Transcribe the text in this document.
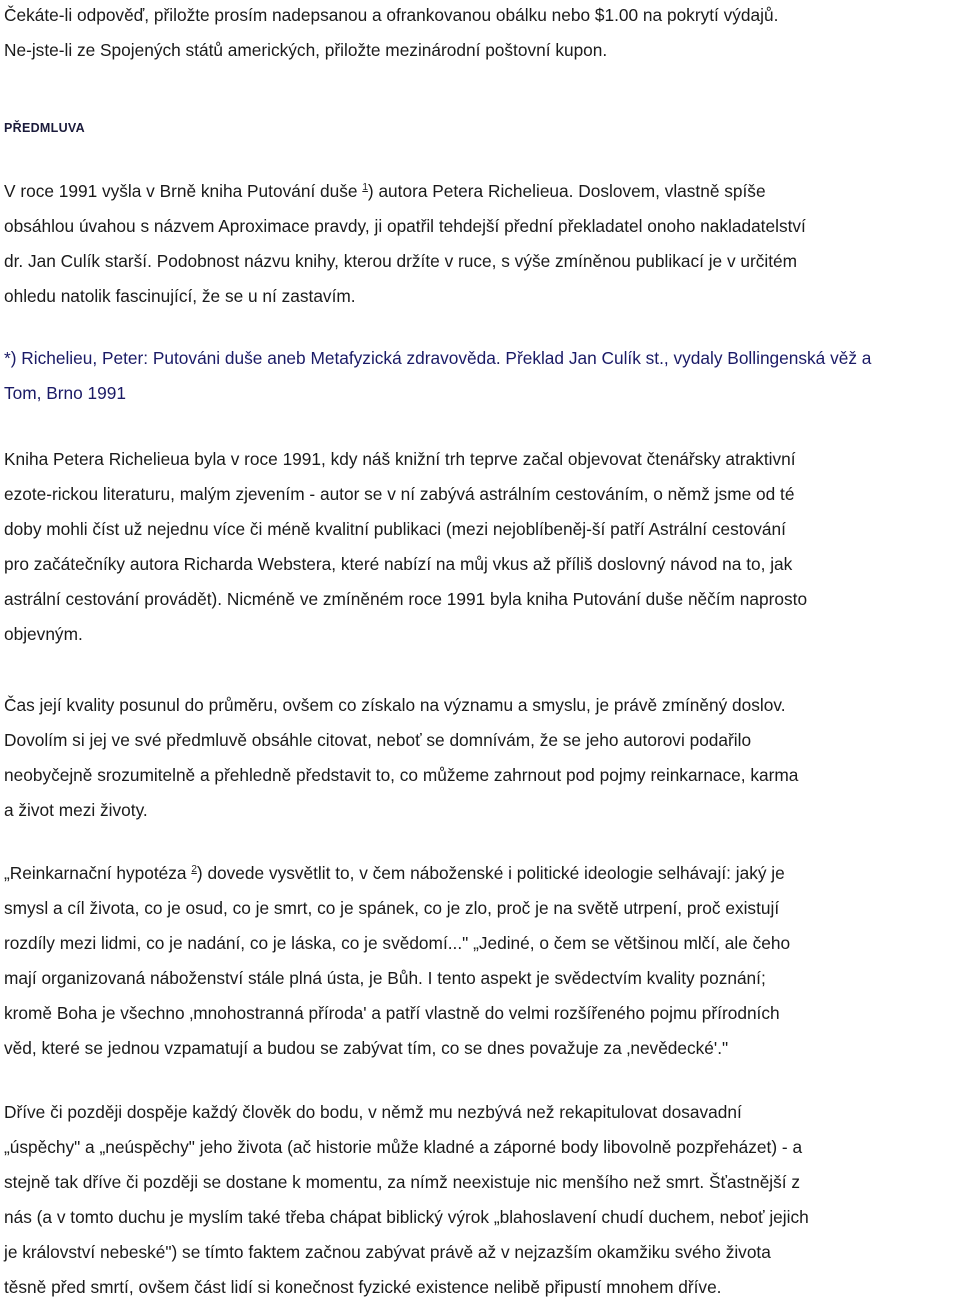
Čekáte-li odpověď, přiložte prosím nadepsanou a ofrankovanou obálku nebo $1.00 na pokrytí výdajů.
Ne-jste-li ze Spojených států amerických, přiložte mezinárodní poštovní kupon.
PŘEDMLUVA
V roce 1991 vyšla v Brně kniha Putování duše $^1$) autora Petera Richelieua. Doslovem, vlastně spíše
obsáhlou úvahou s názvem Aproximace pravdy, ji opatřil tehdejší přední překladatel onoho nakladatelství
dr. Jan Culík starší. Podobnost názvu knihy, kterou držíte v ruce, s výše zmíněnou publikací je v určitém
ohledu natolik fascinující, že se u ní zastavím.
*) Richelieu, Peter: Putováni duše aneb Metafyzická zdravověda. Překlad Jan Culík st., vydaly Bollingenská věž a
Tom, Brno 1991
Kniha Petera Richelieua byla v roce 1991, kdy náš knižní trh teprve začal objevovat čtenářsky atraktivní
ezote-rickou literaturu, malým zjevením - autor se v ní zabývá astrálním cestováním, o němž jsme od té
doby mohli číst už nejednu více či méně kvalitní publikaci (mezi nejoblíbeněj-ší patří Astrální cestování
pro začátečníky autora Richarda Webstera, které nabízí na můj vkus až příliš doslovný návod na to, jak
astrální cestování provádět). Nicméně ve zmíněném roce 1991 byla kniha Putování duše něčím naprosto
objevným.
Čas její kvality posunul do průměru, ovšem co získalo na významu a smyslu, je právě zmíněný doslov.
Dovolím si jej ve své předmluvě obsáhle citovat, neboť se domnívám, že se jeho autorovi podařilo
neobyčejně srozumitelně a přehledně představit to, co můžeme zahrnout pod pojmy reinkarnace, karma
a život mezi životy.
„Reinkarnační hypotéza $^2$) dovede vysvětlit to, v čem náboženské i politické ideologie selhávají: jaký je
smysl a cíl života, co je osud, co je smrt, co je spánek, co je zlo, proč je na světě utrpení, proč existují
rozdíly mezi lidmi, co je nadání, co je láska, co je svědomí..." „Jediné, o čem se většinou mlčí, ale čeho
mají organizovaná náboženství stále plná ústa, je Bůh. I tento aspekt je svědectvím kvality poznání;
kromě Boha je všechno ‚mnohostranná příroda' a patří vlastně do velmi rozšířeného pojmu přírodních
věd, které se jednou vzpamatují a budou se zabývat tím, co se dnes považuje za ‚nevědecké'."
Dříve či později dospěje každý člověk do bodu, v němž mu nezbývá než rekapitulovat dosavadní
„úspěchy" a „neúspěchy" jeho života (ač historie může kladné a záporné body libovolně pozpřeházet) - a
stejně tak dříve či později se dostane k momentu, za nímž neexistuje nic menšího než smrt. Šťastnější z
nás (a v tomto duchu je myslím také třeba chápat biblický výrok „blahoslavení chudí duchem, neboť jejich
je království nebeské") se tímto faktem začnou zabývat právě až v nejzazším okamžiku svého života
těsně před smrtí, ovšem část lidí si konečnost fyzické existence nelibě připustí mnohem dříve.
